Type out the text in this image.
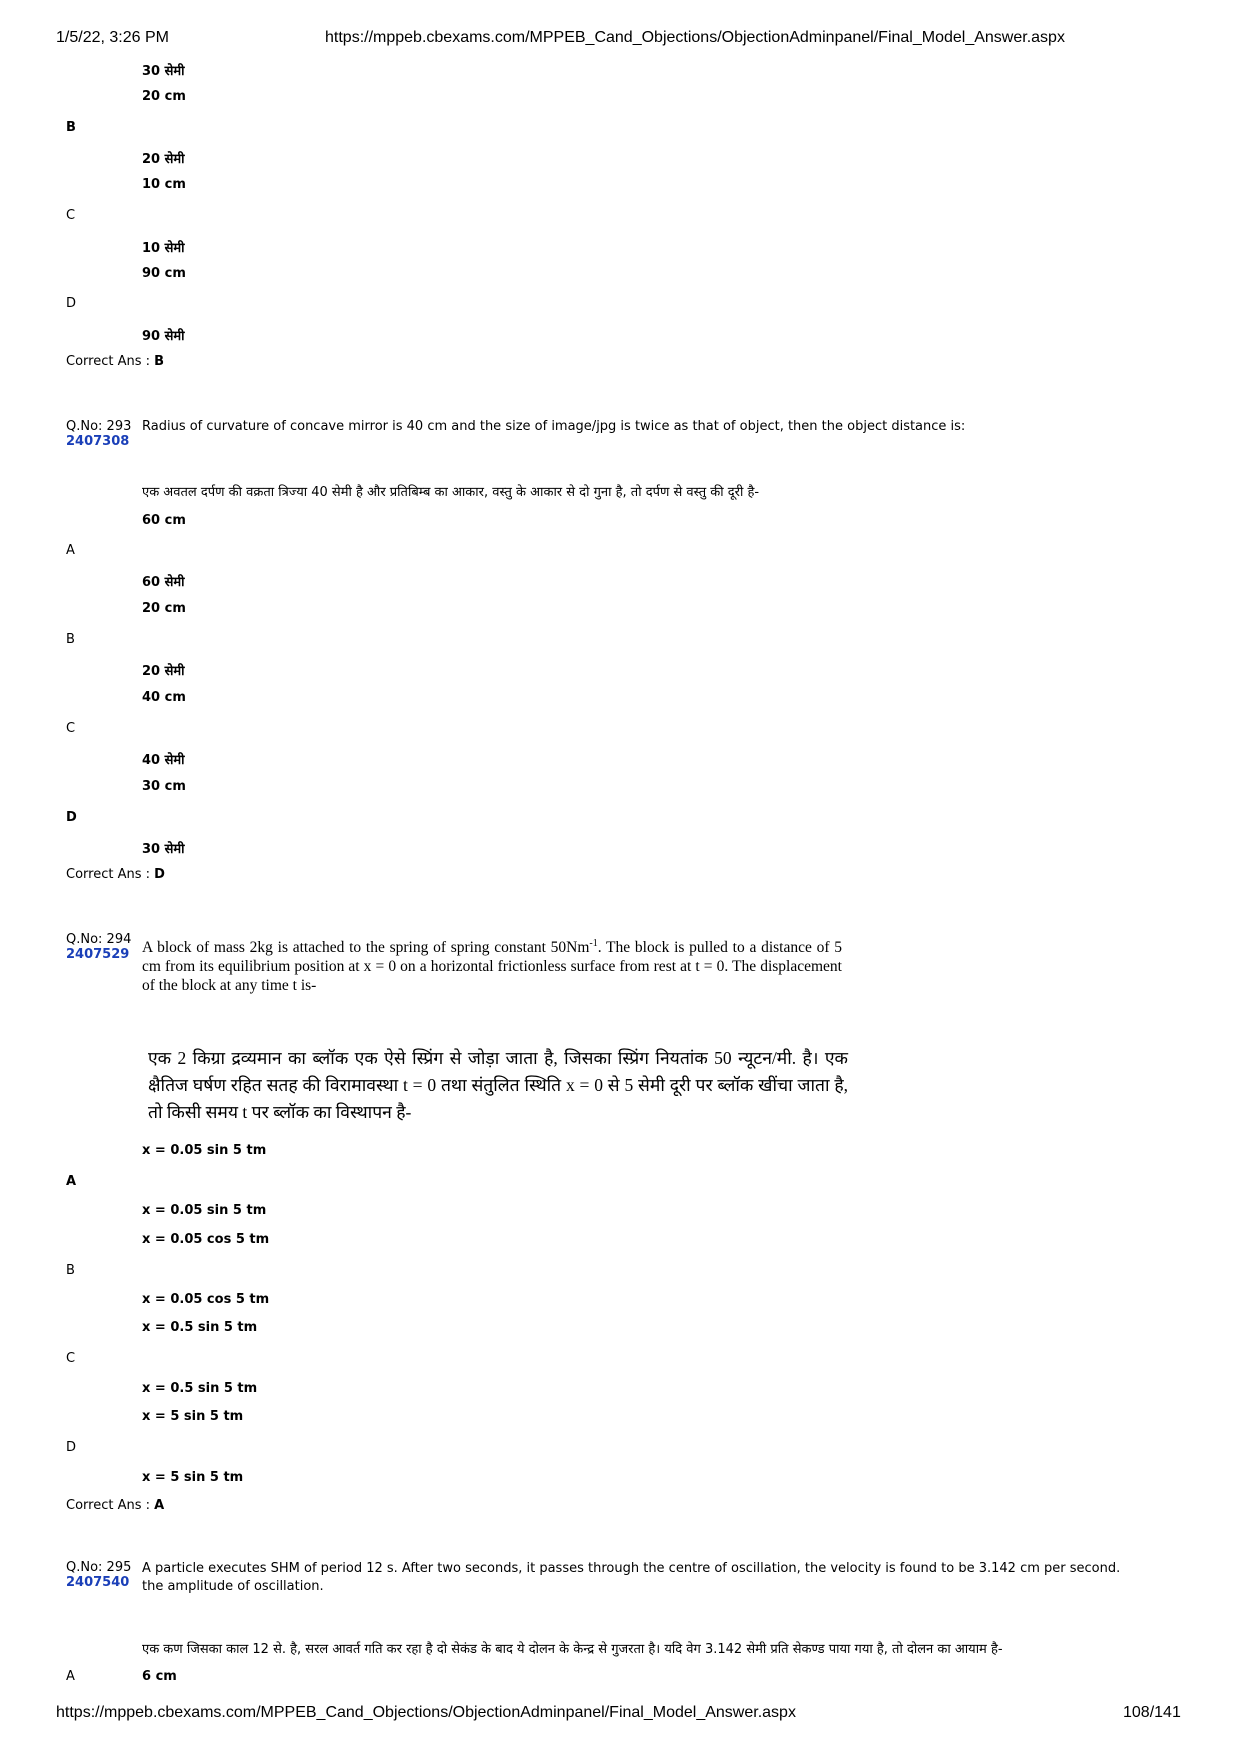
1/5/22, 3:26 PM	https://mppeb.cbexams.com/MPPEB_Cand_Objections/ObjectionAdminpanel/Final_Model_Answer.aspx
30 सेमी
20 cm
B
20 सेमी
10 cm
C
10 सेमी
90 cm
D
90 सेमी
Correct Ans : B
Q.No: 293
2407308
Radius of curvature of concave mirror is 40 cm and the size of image/jpg is twice as that of object, then the object distance is:
एक अवतल दर्पण की वक्रता त्रिज्या 40 सेमी है और प्रतिबिम्ब का आकार, वस्तु के आकार से दो गुना है, तो दर्पण से वस्तु की दूरी है-
60 cm
A
60 सेमी
20 cm
B
20 सेमी
40 cm
C
40 सेमी
30 cm
D
30 सेमी
Correct Ans : D
Q.No: 294
2407529 A block of mass 2kg is attached to the spring of spring constant $50Nm^{-1}$. The block is pulled to a distance of 5 cm from its equilibrium position at x = 0 on a horizontal frictionless surface from rest at t = 0. The displacement of the block at any time t is-
एक 2 किग्रा द्रव्यमान का ब्लॉक एक ऐसे स्प्रिंग से जोड़ा जाता है, जिसका स्प्रिंग नियतांक 50 न्यूटन/मी. है। एक क्षैतिज घर्षण रहित सतह की विरामावस्था t = 0 तथा संतुलित स्थिति x = 0 से 5 सेमी दूरी पर ब्लॉक खींचा जाता है, तो किसी समय t पर ब्लॉक का विस्थापन है-
x = 0.05 sin 5 tm
A
x = 0.05 sin 5 tm
x = 0.05 cos 5 tm
B
x = 0.05 cos 5 tm
x = 0.5 sin 5 tm
C
x = 0.5 sin 5 tm
x = 5 sin 5 tm
D
x = 5 sin 5 tm
Correct Ans : A
Q.No: 295
2407540
A particle executes SHM of period 12 s. After two seconds, it passes through the centre of oscillation, the velocity is found to be 3.142 cm per second. the amplitude of oscillation.
एक कण जिसका काल 12 से. है, सरल आवर्त गति कर रहा है दो सेकंड के बाद ये दोलन के केन्द्र से गुजरता है। यदि वेग 3.142 सेमी प्रति सेकण्ड पाया गया है, तो दोलन का आयाम है-
A	6 cm
https://mppeb.cbexams.com/MPPEB_Cand_Objections/ObjectionAdminpanel/Final_Model_Answer.aspx	108/141
